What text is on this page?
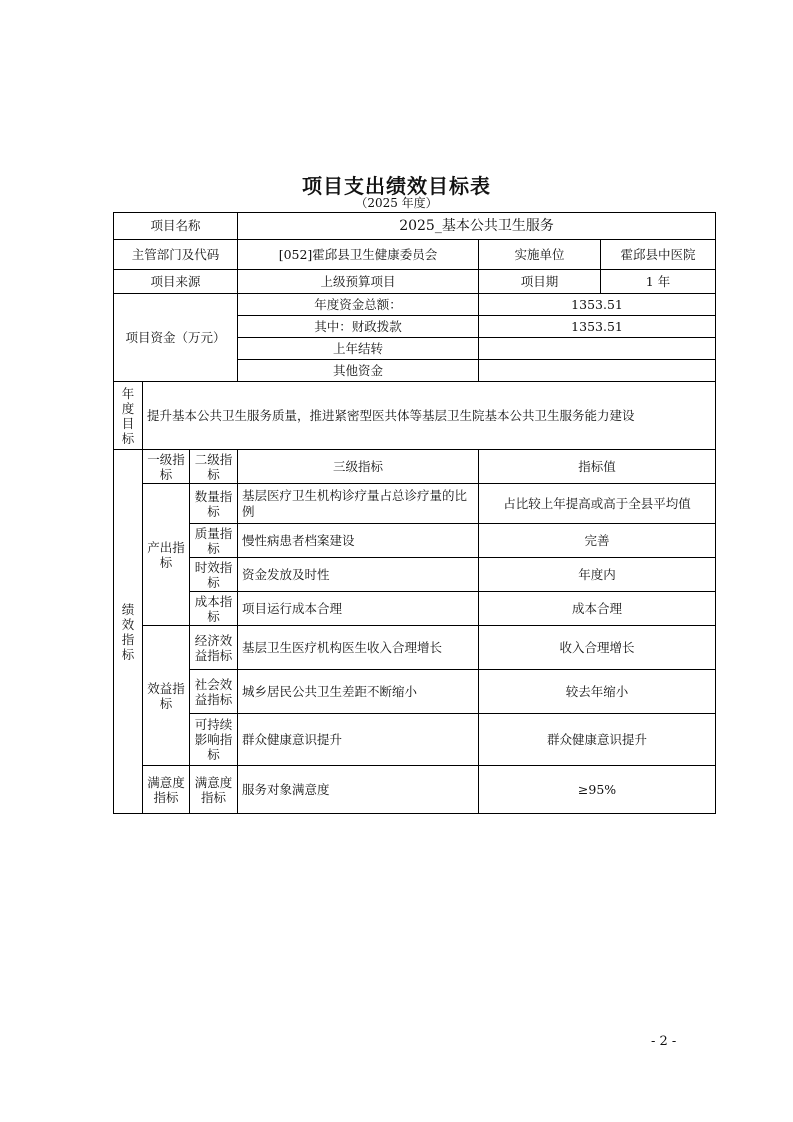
项目支出绩效目标表
（2025 年度）
项目名称			2025_基本公共卫生服务		
主管部门及代码			[052]霍邱县卫生健康委员会	实施单位	霍邱县中医院
项目来源			上级预算项目	项目期	1 年
项目资金（万元）			年度资金总额：	1353.51	
			其中：财政拨款	1353.51	
			上年结转		
			其他资金		
年度目标	提升基本公共卫生服务质量，推进紧密型医共体等基层卫生院基本公共卫生服务能力建设				
绩效指标	一级指标	二级指标	三级指标	指标值	
	产出指标	数量指标	基层医疗卫生机构诊疗量占总诊疗量的比例	占比较上年提高或高于全县平均值	
		质量指标	慢性病患者档案建设	完善	
		时效指标	资金发放及时性	年度内	
		成本指标	项目运行成本合理	成本合理	
	效益指标	经济效益指标	基层卫生医疗机构医生收入合理增长	收入合理增长	
		社会效益指标	城乡居民公共卫生差距不断缩小	较去年缩小	
		可持续影响指标	群众健康意识提升	群众健康意识提升	
	满意度指标	满意度指标	服务对象满意度	≥95%	
- 2 -
